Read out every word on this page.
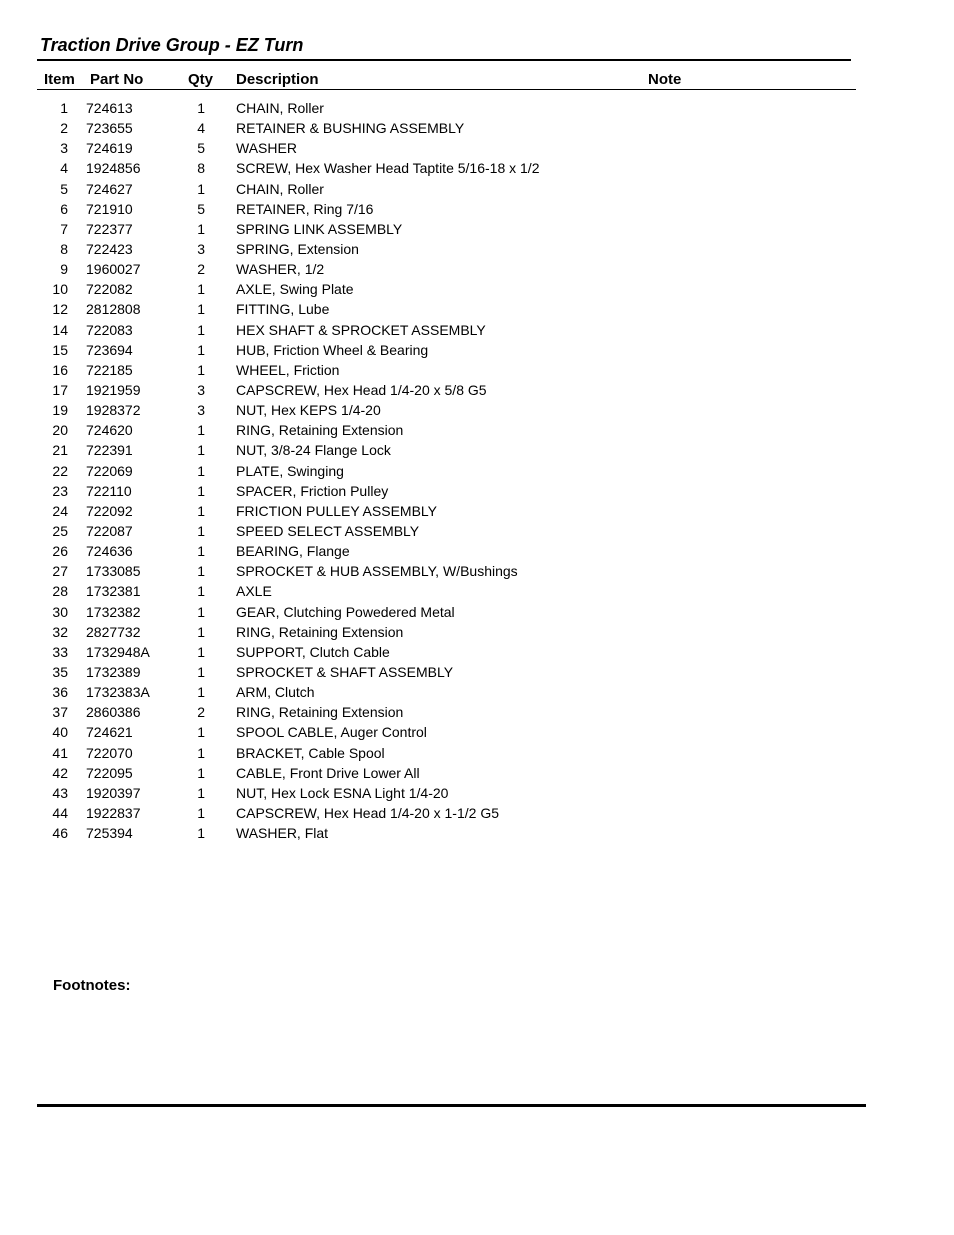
Traction Drive Group - EZ Turn
Item Part No	Qty Description	Note
1 724613	1 CHAIN, Roller
2 723655	4 RETAINER & BUSHING ASSEMBLY
3 724619	5 WASHER
4 1924856	8 SCREW, Hex Washer Head Taptite 5/16-18 x 1/2
5 724627	1 CHAIN, Roller
6 721910	5 RETAINER, Ring 7/16
7 722377	1 SPRING LINK ASSEMBLY
8 722423	3 SPRING, Extension
9 1960027	2 WASHER, 1/2
10 722082	1 AXLE, Swing Plate
12 2812808	1 FITTING, Lube
14 722083	1 HEX SHAFT & SPROCKET ASSEMBLY
15 723694	1 HUB, Friction Wheel & Bearing
16 722185	1 WHEEL, Friction
17 1921959	3 CAPSCREW, Hex Head 1/4-20 x 5/8 G5
19 1928372	3 NUT, Hex KEPS 1/4-20
20 724620	1 RING, Retaining Extension
21 722391	1 NUT, 3/8-24 Flange Lock
22 722069	1 PLATE, Swinging
23 722110	1 SPACER, Friction Pulley
24 722092	1 FRICTION PULLEY ASSEMBLY
25 722087	1 SPEED SELECT ASSEMBLY
26 724636	1 BEARING, Flange
27 1733085	1 SPROCKET & HUB ASSEMBLY, W/Bushings
28 1732381	1 AXLE
30 1732382	1 GEAR, Clutching Powedered Metal
32 2827732	1 RING, Retaining Extension
33 1732948A	1 SUPPORT, Clutch Cable
35 1732389	1 SPROCKET & SHAFT ASSEMBLY
36 1732383A	1 ARM, Clutch
37 2860386	2 RING, Retaining Extension
40 724621	1 SPOOL CABLE, Auger Control
41 722070	1 BRACKET, Cable Spool
42 722095	1 CABLE, Front Drive Lower All
43 1920397	1 NUT, Hex Lock ESNA Light 1/4-20
44 1922837	1 CAPSCREW, Hex Head 1/4-20 x 1-1/2 G5
46 725394	1 WASHER, Flat
Footnotes:
